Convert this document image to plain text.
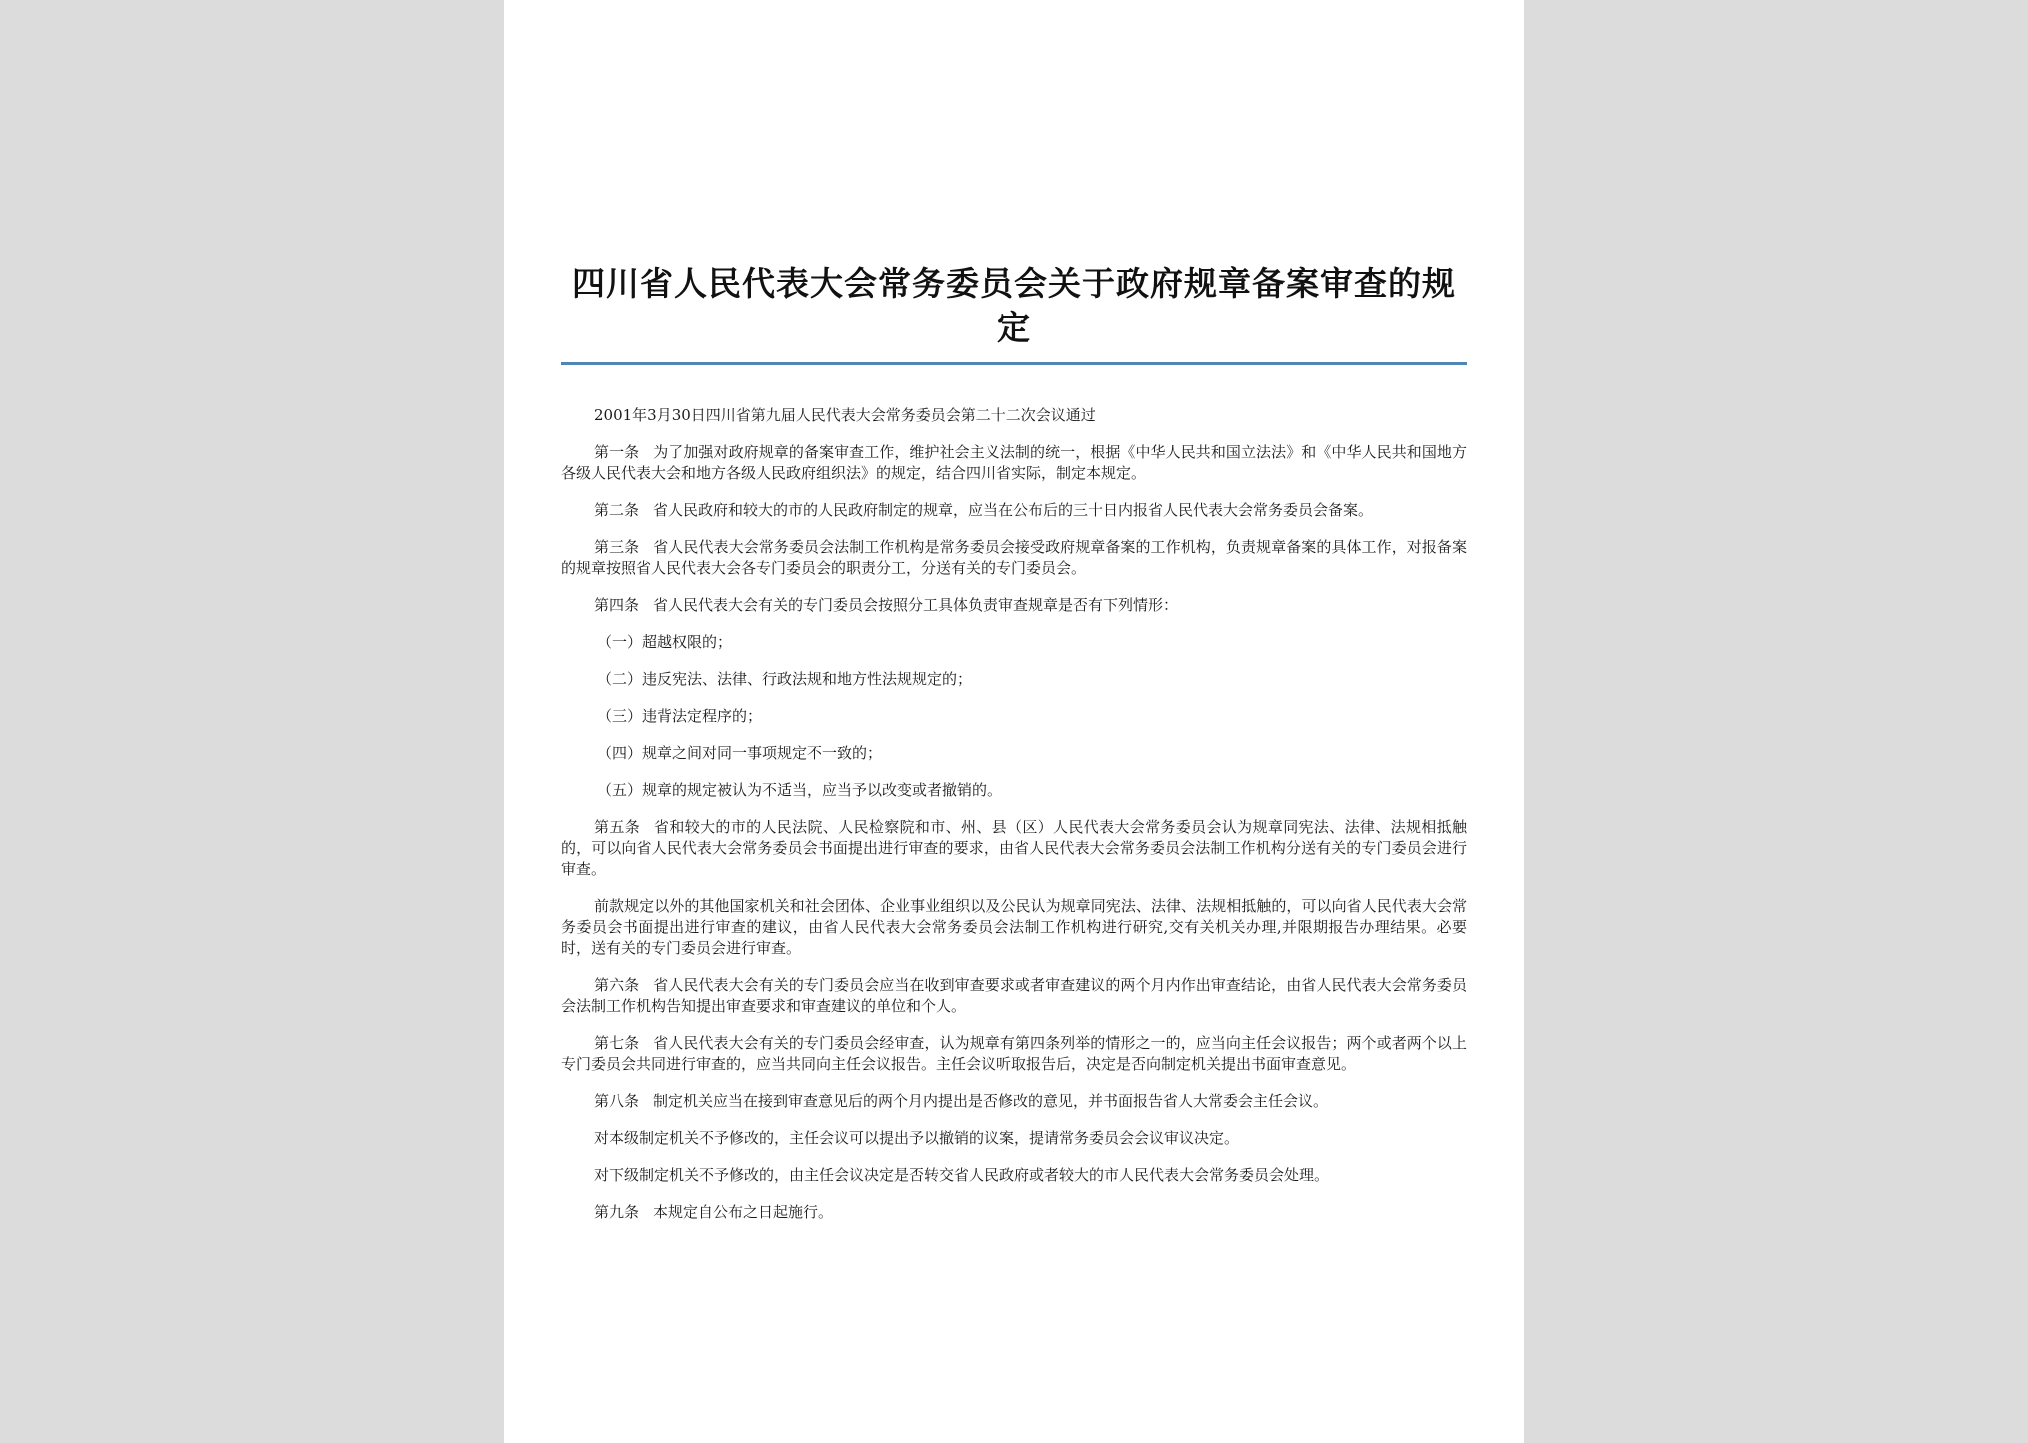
四川省人民代表大会常务委员会关于政府规章备案审查的规定

2001年3月30日四川省第九届人民代表大会常务委员会第二十二次会议通过

第一条 为了加强对政府规章的备案审查工作，维护社会主义法制的统一，根据《中华人民共和国立法法》和《中华人民共和国地方各级人民代表大会和地方各级人民政府组织法》的规定，结合四川省实际，制定本规定。

第二条 省人民政府和较大的市的人民政府制定的规章，应当在公布后的三十日内报省人民代表大会常务委员会备案。

第三条 省人民代表大会常务委员会法制工作机构是常务委员会接受政府规章备案的工作机构，负责规章备案的具体工作，对报备案的规章按照省人民代表大会各专门委员会的职责分工，分送有关的专门委员会。

第四条 省人民代表大会有关的专门委员会按照分工具体负责审查规章是否有下列情形：

（一）超越权限的；

（二）违反宪法、法律、行政法规和地方性法规规定的；

（三）违背法定程序的；

（四）规章之间对同一事项规定不一致的；

（五）规章的规定被认为不适当，应当予以改变或者撤销的。

第五条 省和较大的市的人民法院、人民检察院和市、州、县（区）人民代表大会常务委员会认为规章同宪法、法律、法规相抵触的，可以向省人民代表大会常务委员会书面提出进行审查的要求，由省人民代表大会常务委员会法制工作机构分送有关的专门委员会进行审查。

前款规定以外的其他国家机关和社会团体、企业事业组织以及公民认为规章同宪法、法律、法规相抵触的，可以向省人民代表大会常务委员会书面提出进行审查的建议，由省人民代表大会常务委员会法制工作机构进行研究,交有关机关办理,并限期报告办理结果。必要时，送有关的专门委员会进行审查。

第六条 省人民代表大会有关的专门委员会应当在收到审查要求或者审查建议的两个月内作出审查结论，由省人民代表大会常务委员会法制工作机构告知提出审查要求和审查建议的单位和个人。

第七条 省人民代表大会有关的专门委员会经审查，认为规章有第四条列举的情形之一的，应当向主任会议报告；两个或者两个以上专门委员会共同进行审查的，应当共同向主任会议报告。主任会议听取报告后，决定是否向制定机关提出书面审查意见。

第八条 制定机关应当在接到审查意见后的两个月内提出是否修改的意见，并书面报告省人大常委会主任会议。

对本级制定机关不予修改的，主任会议可以提出予以撤销的议案，提请常务委员会会议审议决定。

对下级制定机关不予修改的，由主任会议决定是否转交省人民政府或者较大的市人民代表大会常务委员会处理。

第九条 本规定自公布之日起施行。
